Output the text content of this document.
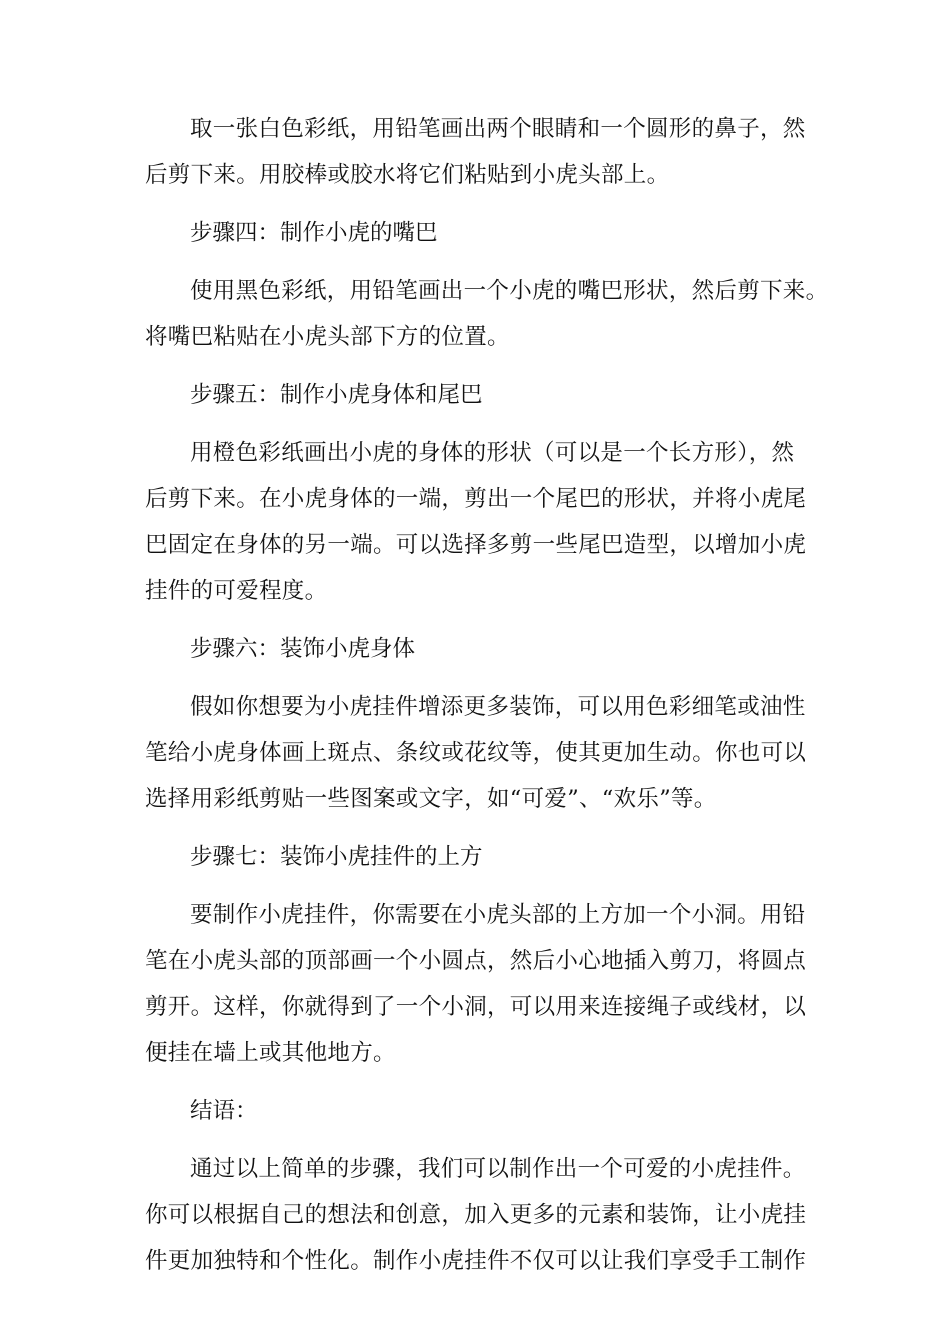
取一张白色彩纸，用铅笔画出两个眼睛和一个圆形的鼻子，然
后剪下来。用胶棒或胶水将它们粘贴到小虎头部上。

步骤四：制作小虎的嘴巴

使用黑色彩纸，用铅笔画出一个小虎的嘴巴形状，然后剪下来。
将嘴巴粘贴在小虎头部下方的位置。

步骤五：制作小虎身体和尾巴

用橙色彩纸画出小虎的身体的形状（可以是一个长方形），然
后剪下来。在小虎身体的一端，剪出一个尾巴的形状，并将小虎尾
巴固定在身体的另一端。可以选择多剪一些尾巴造型，以增加小虎
挂件的可爱程度。

步骤六：装饰小虎身体

假如你想要为小虎挂件增添更多装饰，可以用色彩细笔或油性
笔给小虎身体画上斑点、条纹或花纹等，使其更加生动。你也可以
选择用彩纸剪贴一些图案或文字，如“可爱”、“欢乐”等。

步骤七：装饰小虎挂件的上方

要制作小虎挂件，你需要在小虎头部的上方加一个小洞。用铅
笔在小虎头部的顶部画一个小圆点，然后小心地插入剪刀，将圆点
剪开。这样，你就得到了一个小洞，可以用来连接绳子或线材，以
便挂在墙上或其他地方。

结语：

通过以上简单的步骤，我们可以制作出一个可爱的小虎挂件。
你可以根据自己的想法和创意，加入更多的元素和装饰，让小虎挂
件更加独特和个性化。制作小虎挂件不仅可以让我们享受手工制作
